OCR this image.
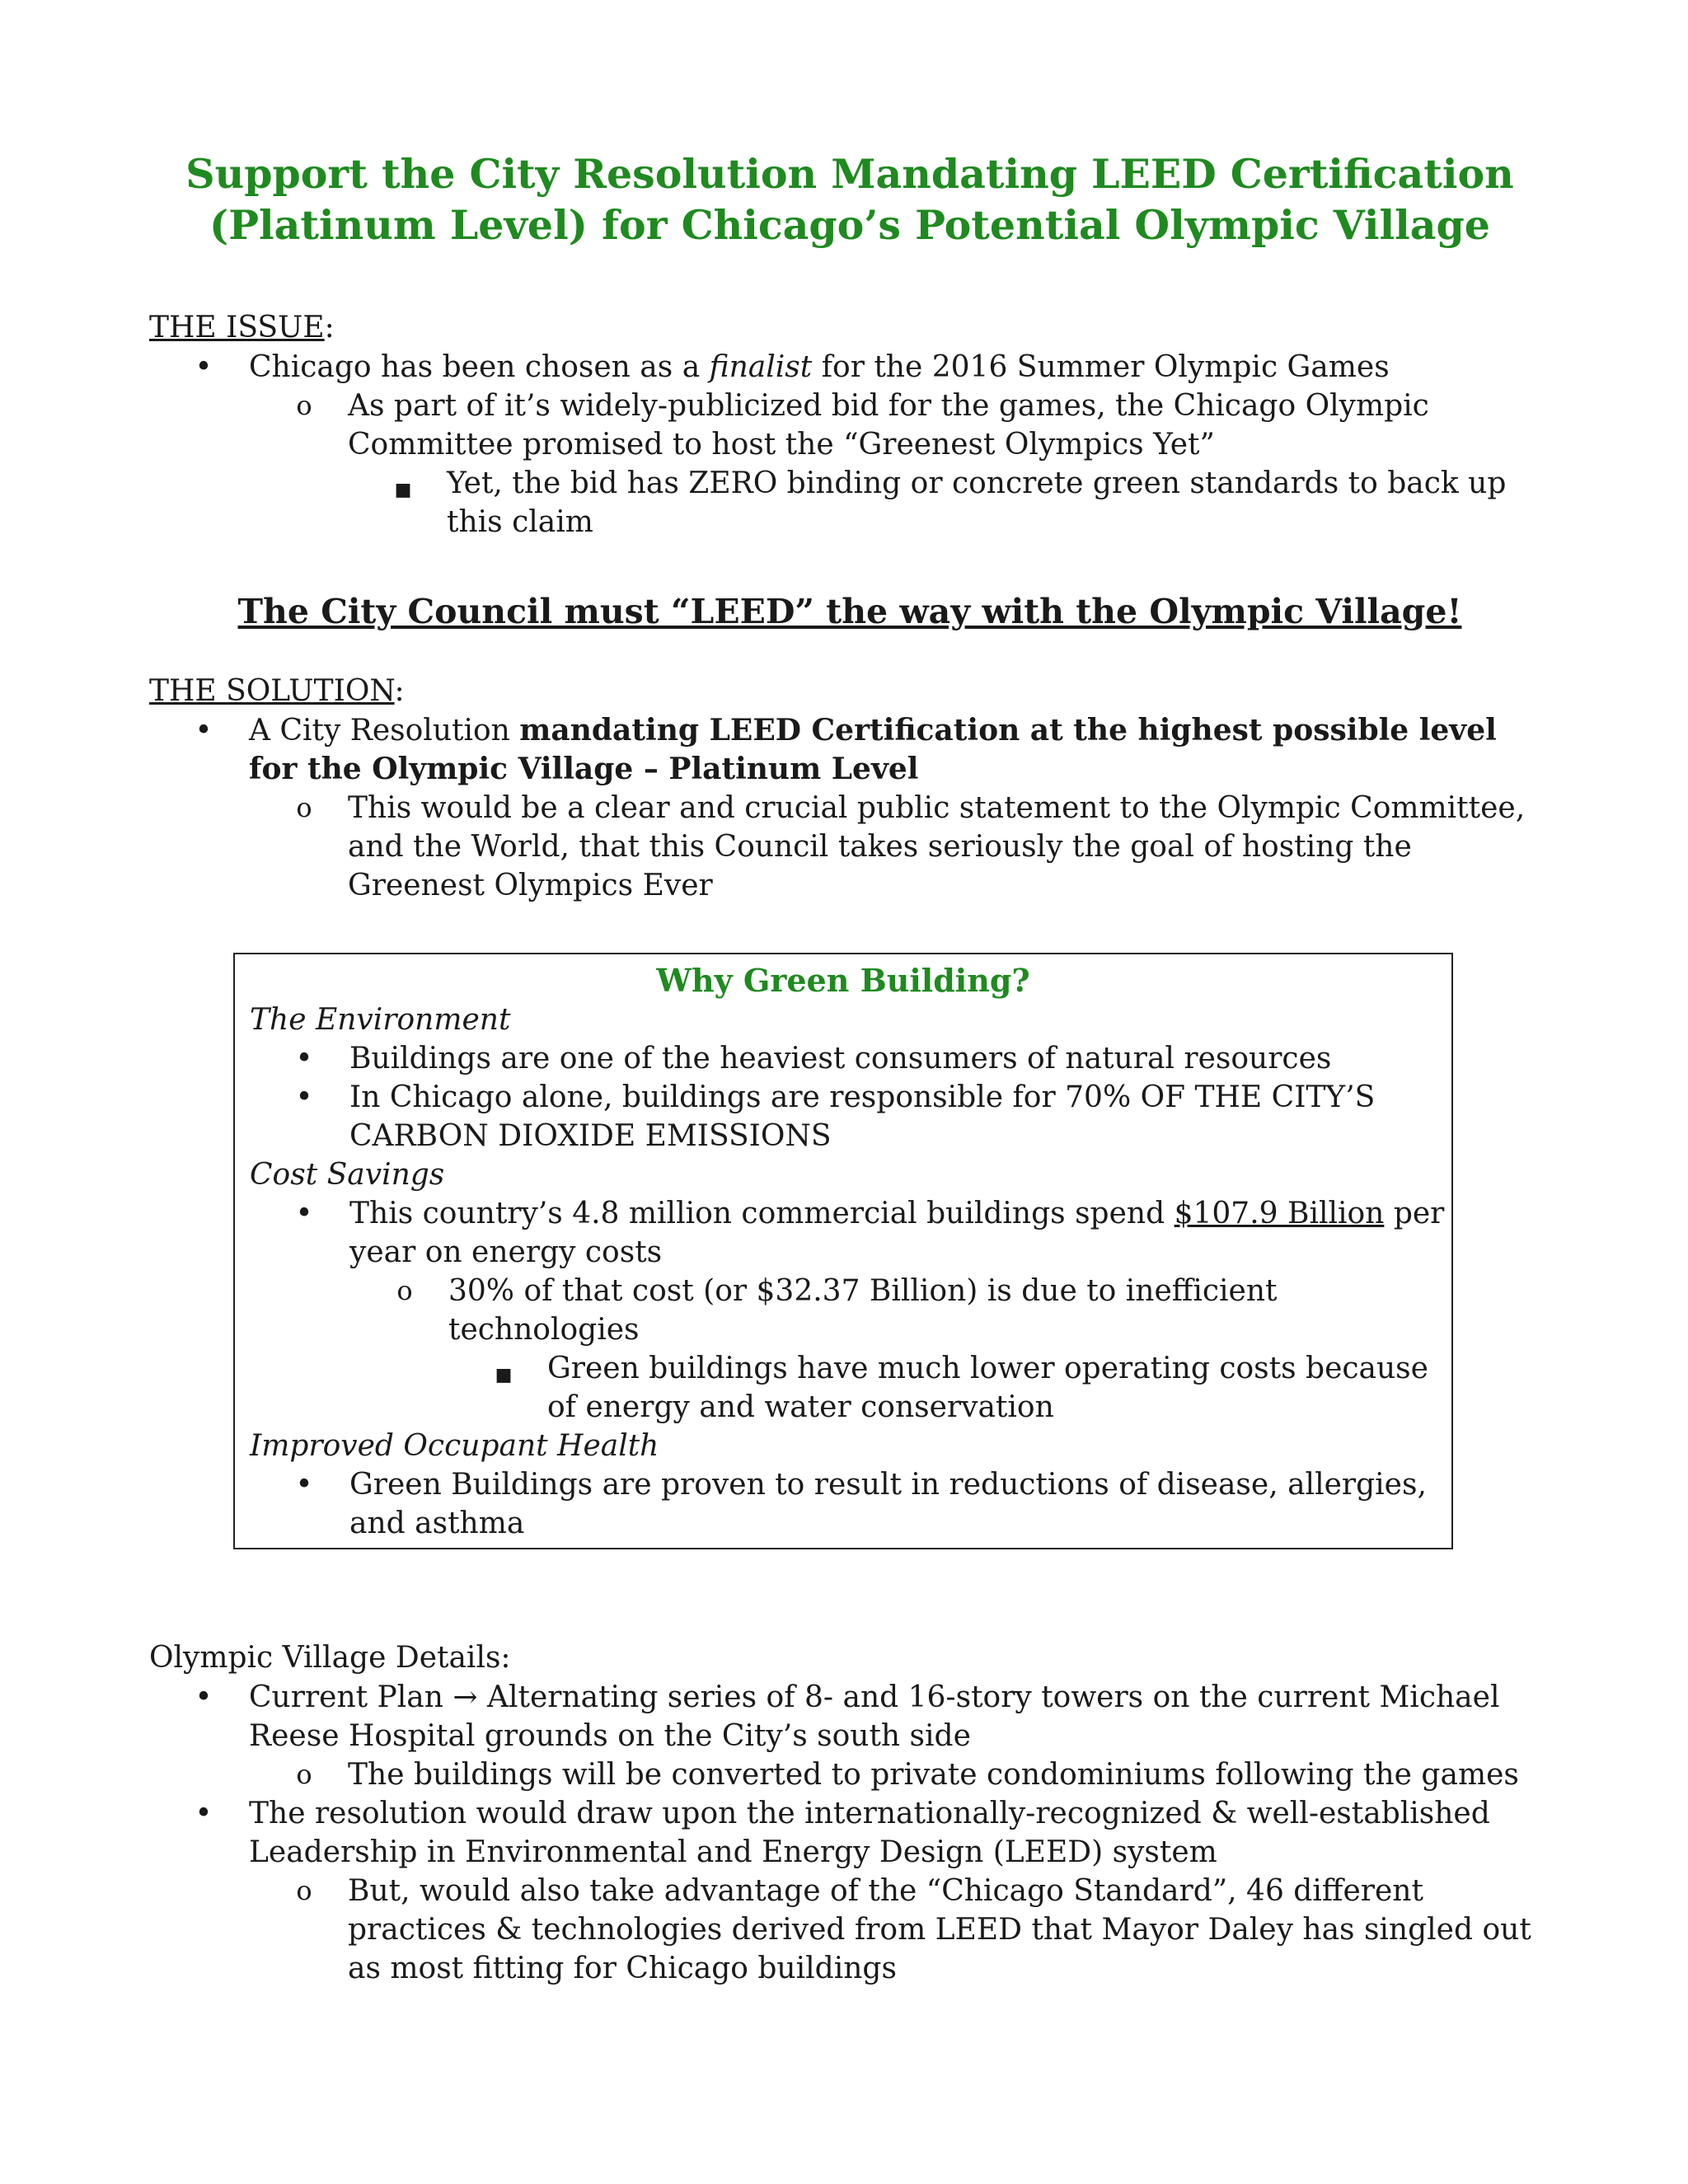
Support the City Resolution Mandating LEED Certification (Platinum Level) for Chicago’s Potential Olympic Village
THE ISSUE:
• Chicago has been chosen as a finalist for the 2016 Summer Olympic Games
o As part of it’s widely-publicized bid for the games, the Chicago Olympic Committee promised to host the “Greenest Olympics Yet”
■ Yet, the bid has ZERO binding or concrete green standards to back up this claim
The City Council must “LEED” the way with the Olympic Village!
THE SOLUTION:
• A City Resolution mandating LEED Certification at the highest possible level for the Olympic Village – Platinum Level
o This would be a clear and crucial public statement to the Olympic Committee, and the World, that this Council takes seriously the goal of hosting the Greenest Olympics Ever
Why Green Building?
The Environment
• Buildings are one of the heaviest consumers of natural resources
• In Chicago alone, buildings are responsible for 70% OF THE CITY’S CARBON DIOXIDE EMISSIONS
Cost Savings
• This country’s 4.8 million commercial buildings spend $107.9 Billion per year on energy costs
o 30% of that cost (or $32.37 Billion) is due to inefficient technologies
■ Green buildings have much lower operating costs because of energy and water conservation
Improved Occupant Health
• Green Buildings are proven to result in reductions of disease, allergies, and asthma
Olympic Village Details:
• Current Plan → Alternating series of 8- and 16-story towers on the current Michael Reese Hospital grounds on the City’s south side
o The buildings will be converted to private condominiums following the games
• The resolution would draw upon the internationally-recognized & well-established Leadership in Environmental and Energy Design (LEED) system
o But, would also take advantage of the “Chicago Standard”, 46 different practices & technologies derived from LEED that Mayor Daley has singled out as most fitting for Chicago buildings
